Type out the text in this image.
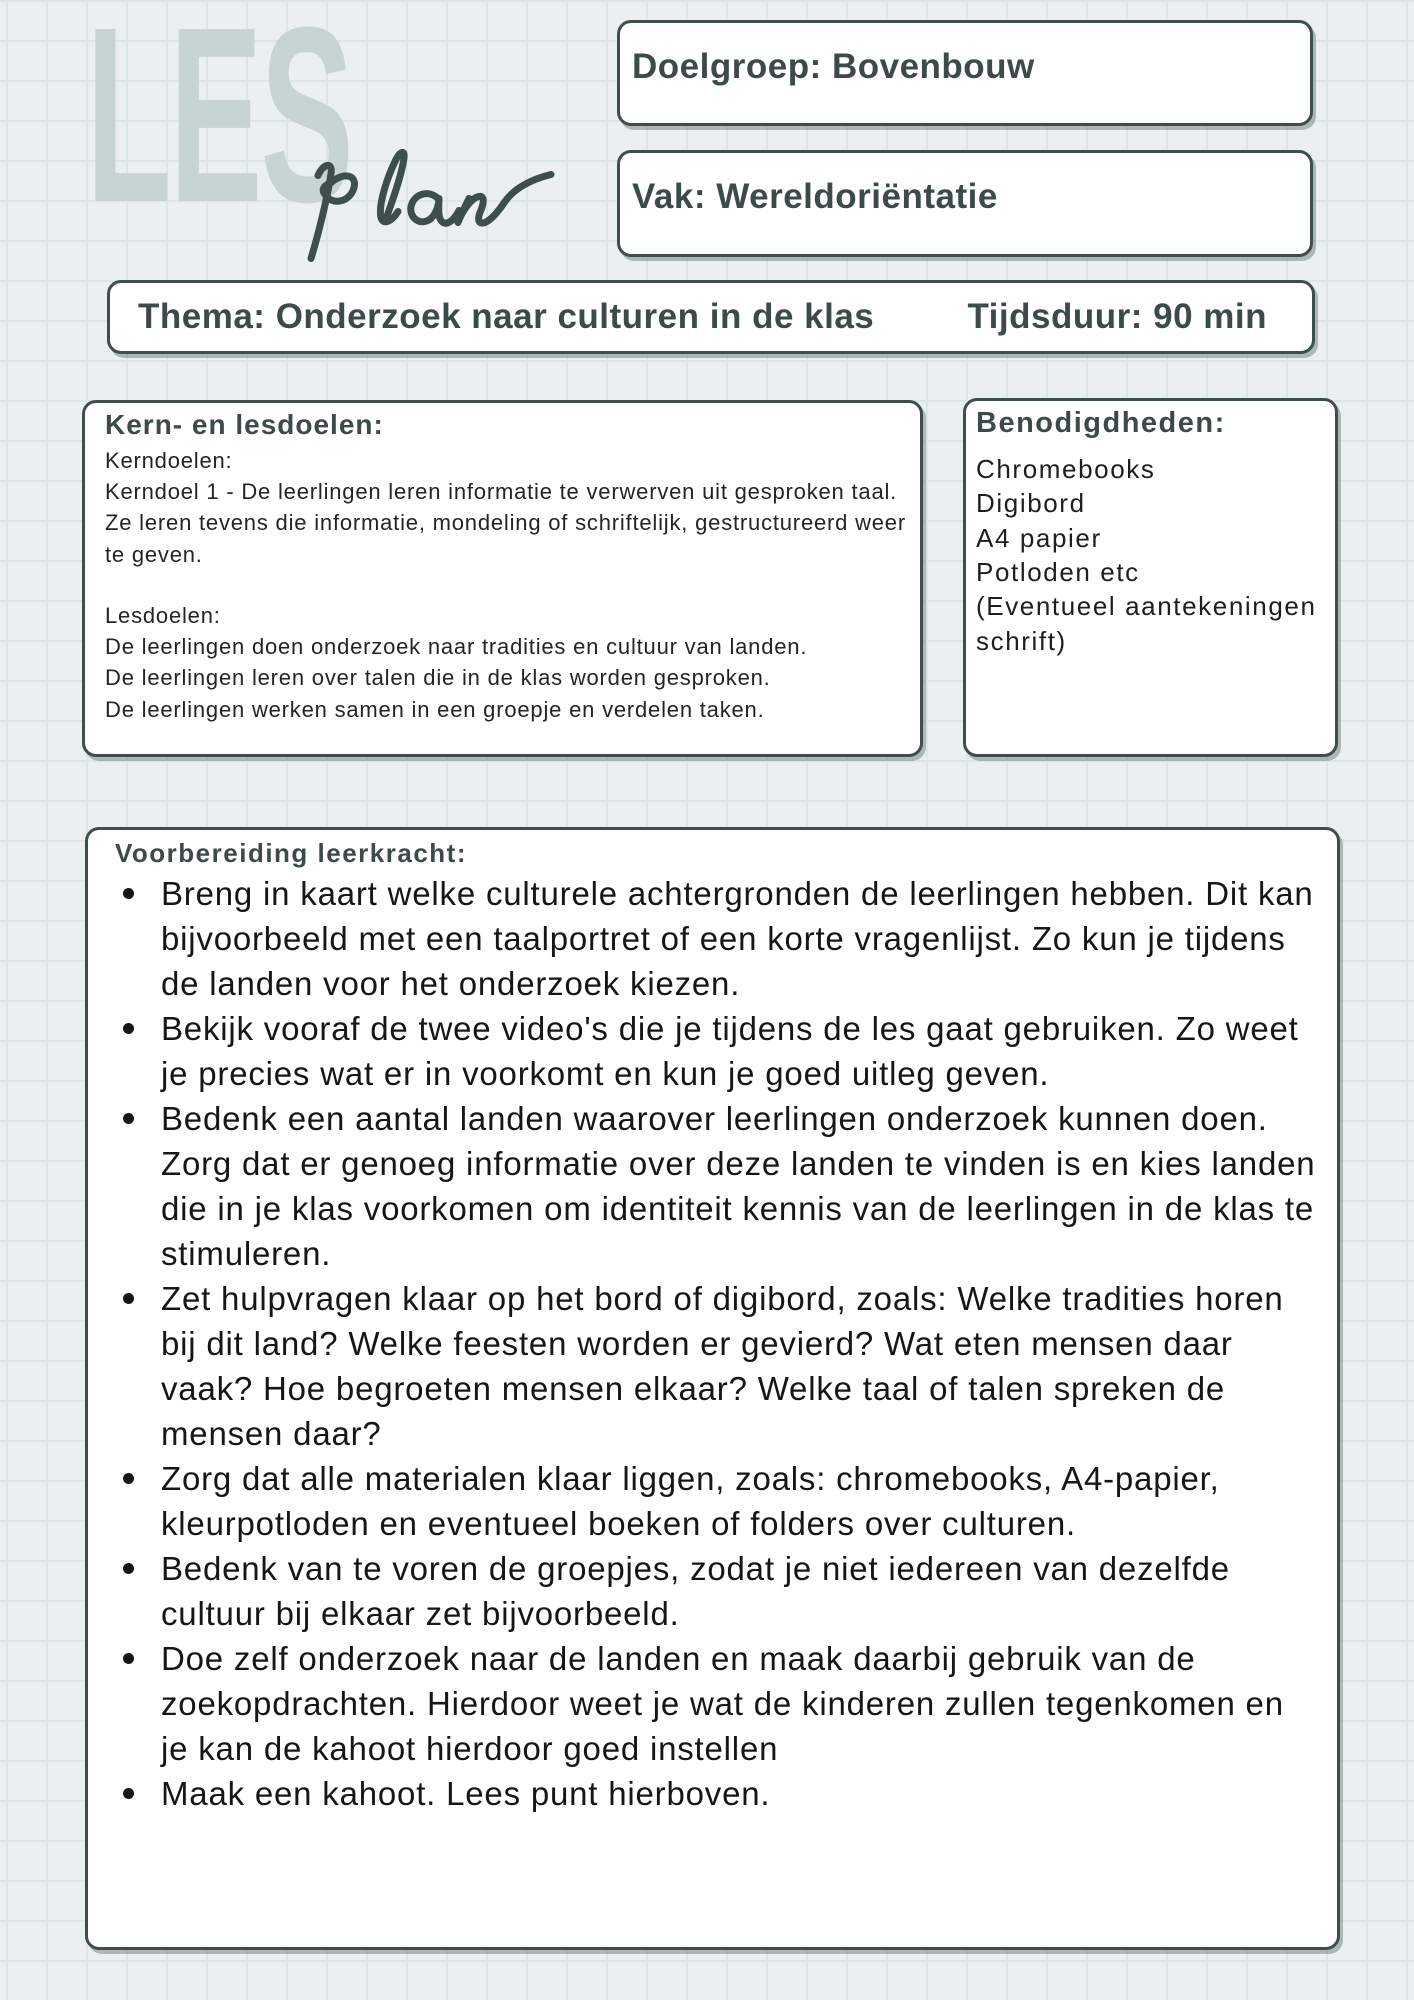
LES	Doelgroep: Bovenbouw
Vak: Wereldoriëntatie
Thema: Onderzoek naar culturen in de klas	Tijdsduur: 90 min
Kern- en lesdoelen:
Kerndoelen:
Kerndoel 1 - De leerlingen leren informatie te verwerven uit gesproken taal. Ze leren tevens die informatie, mondeling of schriftelijk, gestructureerd weer te geven.
Lesdoelen:
De leerlingen doen onderzoek naar tradities en cultuur van landen.
De leerlingen leren over talen die in de klas worden gesproken.
De leerlingen werken samen in een groepje en verdelen taken.
Benodigdheden:
Chromebooks
Digibord
A4 papier
Potloden etc
(Eventueel aantekeningen schrift)
Voorbereiding leerkracht:
Breng in kaart welke culturele achtergronden de leerlingen hebben. Dit kan bijvoorbeeld met een taalportret of een korte vragenlijst. Zo kun je tijdens de landen voor het onderzoek kiezen.
Bekijk vooraf de twee video's die je tijdens de les gaat gebruiken. Zo weet je precies wat er in voorkomt en kun je goed uitleg geven.
Bedenk een aantal landen waarover leerlingen onderzoek kunnen doen. Zorg dat er genoeg informatie over deze landen te vinden is en kies landen die in je klas voorkomen om identiteit kennis van de leerlingen in de klas te stimuleren.
Zet hulpvragen klaar op het bord of digibord, zoals: Welke tradities horen bij dit land? Welke feesten worden er gevierd? Wat eten mensen daar vaak? Hoe begroeten mensen elkaar? Welke taal of talen spreken de mensen daar?
Zorg dat alle materialen klaar liggen, zoals: chromebooks, A4-papier, kleurpotloden en eventueel boeken of folders over culturen.
Bedenk van te voren de groepjes, zodat je niet iedereen van dezelfde cultuur bij elkaar zet bijvoorbeeld.
Doe zelf onderzoek naar de landen en maak daarbij gebruik van de zoekopdrachten. Hierdoor weet je wat de kinderen zullen tegenkomen en je kan de kahoot hierdoor goed instellen
Maak een kahoot. Lees punt hierboven.
